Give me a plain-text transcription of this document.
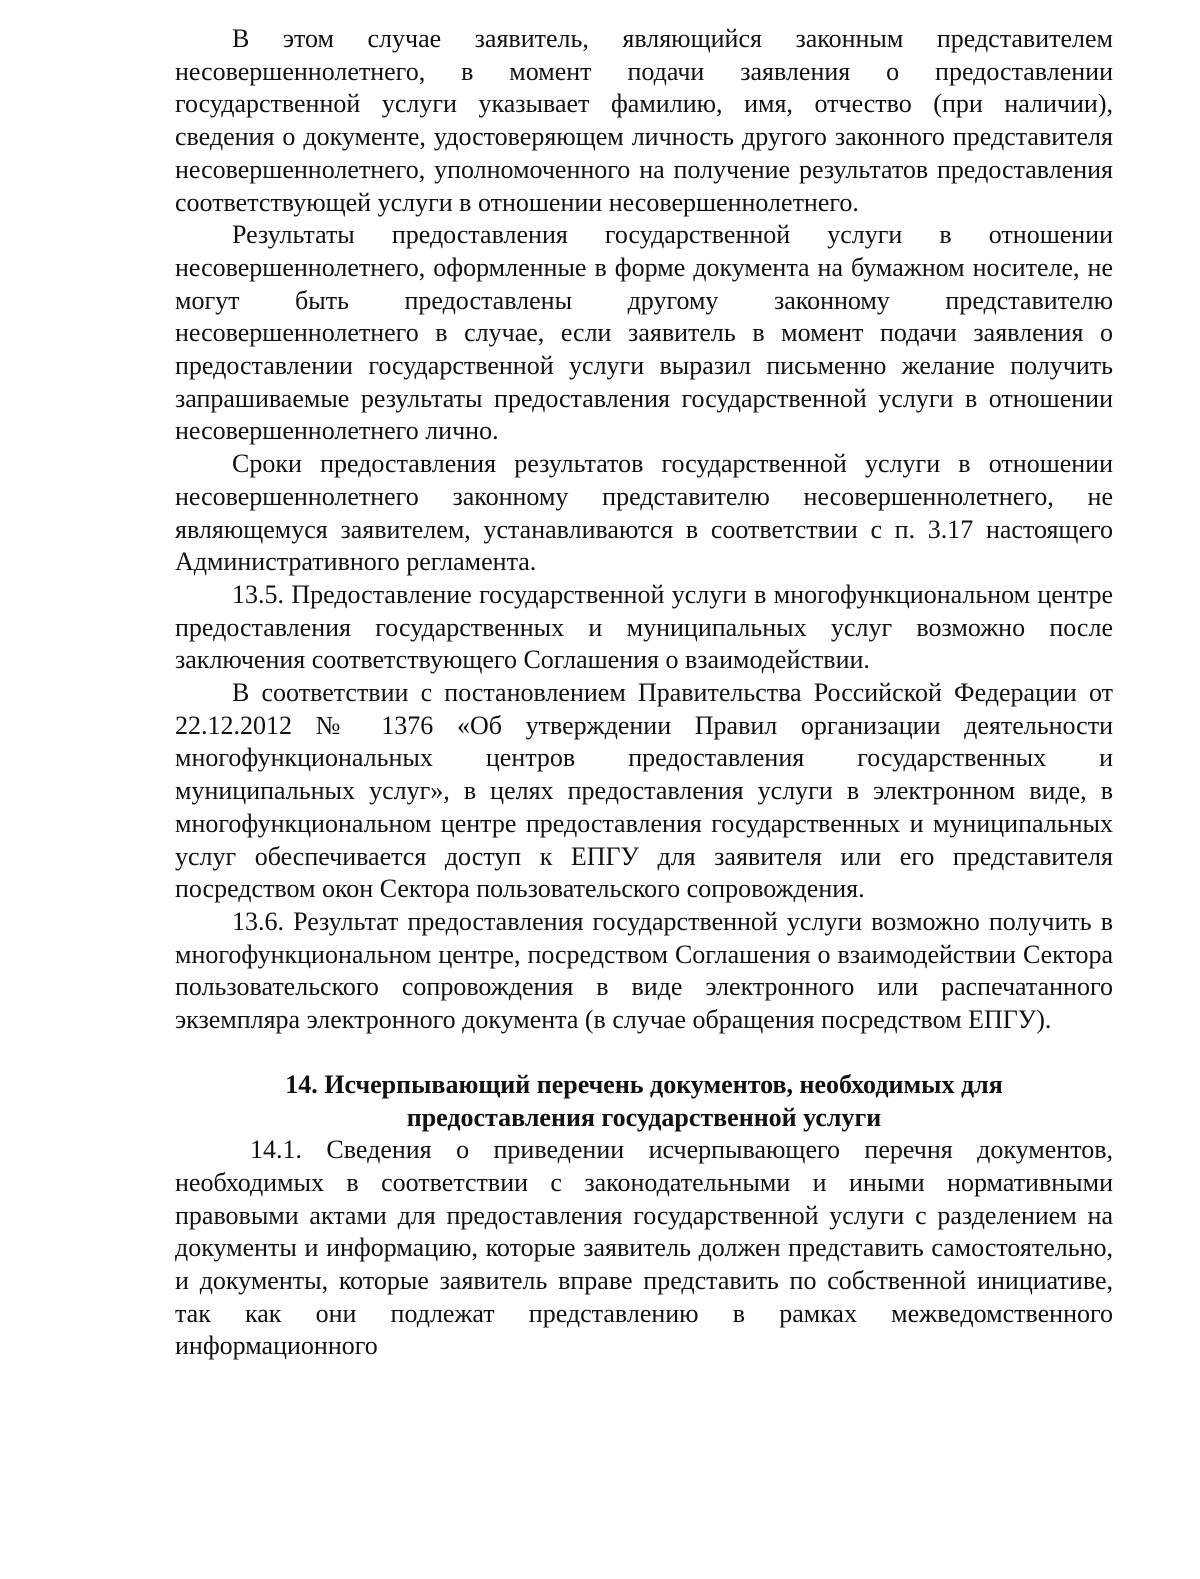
В этом случае заявитель, являющийся законным представителем несовершеннолетнего, в момент подачи заявления о предоставлении государственной услуги указывает фамилию, имя, отчество (при наличии), сведения о документе, удостоверяющем личность другого законного представителя несовершеннолетнего, уполномоченного на получение результатов предоставления соответствующей услуги в отношении несовершеннолетнего.

Результаты предоставления государственной услуги в отношении несовершеннолетнего, оформленные в форме документа на бумажном носителе, не могут быть предоставлены другому законному представителю несовершеннолетнего в случае, если заявитель в момент подачи заявления о предоставлении государственной услуги выразил письменно желание получить запрашиваемые результаты предоставления государственной услуги в отношении несовершеннолетнего лично.

Сроки предоставления результатов государственной услуги в отношении несовершеннолетнего законному представителю несовершеннолетнего, не являющемуся заявителем, устанавливаются в соответствии с п. 3.17 настоящего Административного регламента.

13.5. Предоставление государственной услуги в многофункциональном центре предоставления государственных и муниципальных услуг возможно после заключения соответствующего Соглашения о взаимодействии.

В соответствии с постановлением Правительства Российской Федерации от 22.12.2012 № 1376 «Об утверждении Правил организации деятельности многофункциональных центров предоставления государственных и муниципальных услуг», в целях предоставления услуги в электронном виде, в многофункциональном центре предоставления государственных и муниципальных услуг обеспечивается доступ к ЕПГУ для заявителя или его представителя посредством окон Сектора пользовательского сопровождения.

13.6. Результат предоставления государственной услуги возможно получить в многофункциональном центре, посредством Соглашения о взаимодействии Сектора пользовательского сопровождения в виде электронного или распечатанного экземпляра электронного документа (в случае обращения посредством ЕПГУ).

14. Исчерпывающий перечень документов, необходимых для

предоставления государственной услуги

14.1. Сведения о приведении исчерпывающего перечня документов, необходимых в соответствии с законодательными и иными нормативными правовыми актами для предоставления государственной услуги с разделением на документы и информацию, которые заявитель должен представить самостоятельно, и документы, которые заявитель вправе представить по собственной инициативе, так как они подлежат представлению в рамках межведомственного информационного
